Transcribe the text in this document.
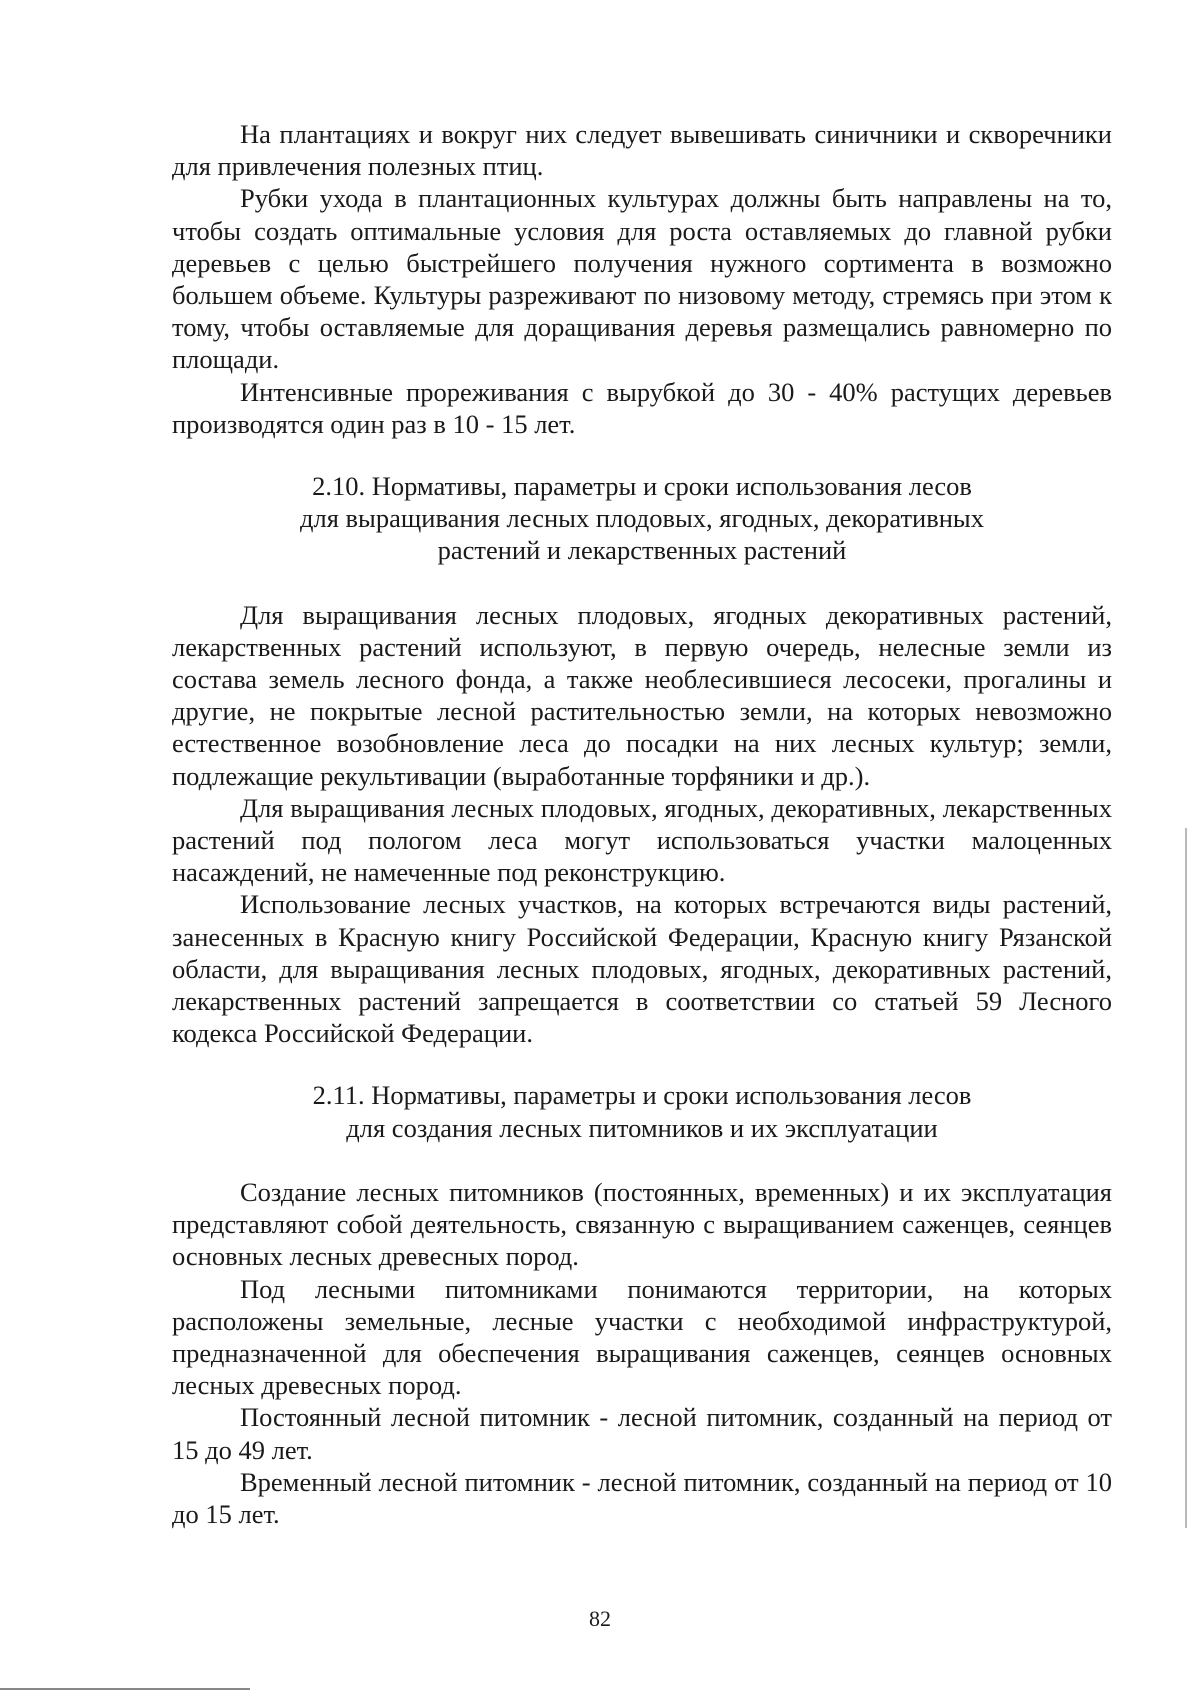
На плантациях и вокруг них следует вывешивать синичники и скворечники для привлечения полезных птиц.

Рубки ухода в плантационных культурах должны быть направлены на то, чтобы создать оптимальные условия для роста оставляемых до главной рубки деревьев с целью быстрейшего получения нужного сортимента в возможно большем объеме. Культуры разреживают по низовому методу, стремясь при этом к тому, чтобы оставляемые для доращивания деревья размещались равномерно по площади.

Интенсивные прореживания с вырубкой до 30 - 40% растущих деревьев производятся один раз в 10 - 15 лет.

2.10. Нормативы, параметры и сроки использования лесов
для выращивания лесных плодовых, ягодных, декоративных
растений и лекарственных растений

Для выращивания лесных плодовых, ягодных декоративных растений, лекарственных растений используют, в первую очередь, нелесные земли из состава земель лесного фонда, а также необлесившиеся лесосеки, прогалины и другие, не покрытые лесной растительностью земли, на которых невозможно естественное возобновление леса до посадки на них лесных культур; земли, подлежащие рекультивации (выработанные торфяники и др.).

Для выращивания лесных плодовых, ягодных, декоративных, лекарственных растений под пологом леса могут использоваться участки малоценных насаждений, не намеченные под реконструкцию.

Использование лесных участков, на которых встречаются виды растений, занесенных в Красную книгу Российской Федерации, Красную книгу Рязанской области, для выращивания лесных плодовых, ягодных, декоративных растений, лекарственных растений запрещается в соответствии со статьей 59 Лесного кодекса Российской Федерации.

2.11. Нормативы, параметры и сроки использования лесов
для создания лесных питомников и их эксплуатации

Создание лесных питомников (постоянных, временных) и их эксплуатация представляют собой деятельность, связанную с выращиванием саженцев, сеянцев основных лесных древесных пород.

Под лесными питомниками понимаются территории, на которых расположены земельные, лесные участки с необходимой инфраструктурой, предназначенной для обеспечения выращивания саженцев, сеянцев основных лесных древесных пород.

Постоянный лесной питомник - лесной питомник, созданный на период от 15 до 49 лет.

Временный лесной питомник - лесной питомник, созданный на период от 10 до 15 лет.

82
